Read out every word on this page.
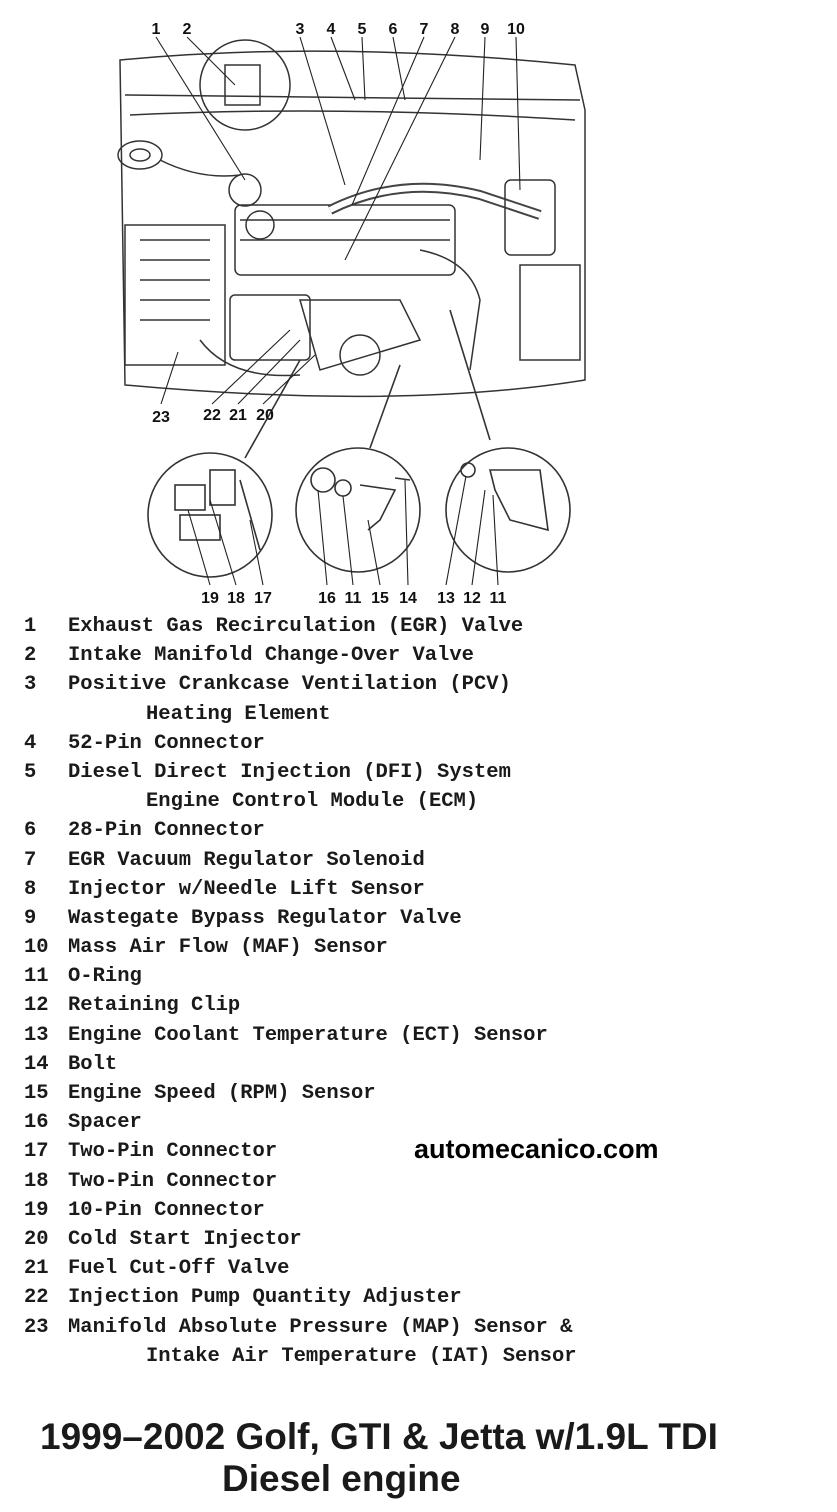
1 2	3 4 5 6 7 8 9 10
23 22 21 20
19 18 17	16 11 15 14 13 12 11
1	Exhaust Gas Recirculation (EGR) Valve
2	Intake Manifold Change-Over Valve
3	Positive Crankcase Ventilation (PCV)
Heating Element
4	52-Pin Connector
5	Diesel Direct Injection (DFI) System
Engine Control Module (ECM)
6	28-Pin Connector
7	EGR Vacuum Regulator Solenoid
8	Injector w/Needle Lift Sensor
9	Wastegate Bypass Regulator Valve
10 Mass Air Flow (MAF) Sensor
11 O-Ring
12 Retaining Clip
13 Engine Coolant Temperature (ECT) Sensor
14 Bolt
15 Engine Speed (RPM) Sensor
16 Spacer
17 Two-Pin Connector
18 Two-Pin Connector
19 10-Pin Connector
20 Cold Start Injector
21 Fuel Cut-Off Valve
22 Injection Pump Quantity Adjuster
23 Manifold Absolute Pressure (MAP) Sensor &
Intake Air Temperature (IAT) Sensor
automecanico.com
1999–2002 Golf, GTI & Jetta w/1.9L TDI
Diesel engine
